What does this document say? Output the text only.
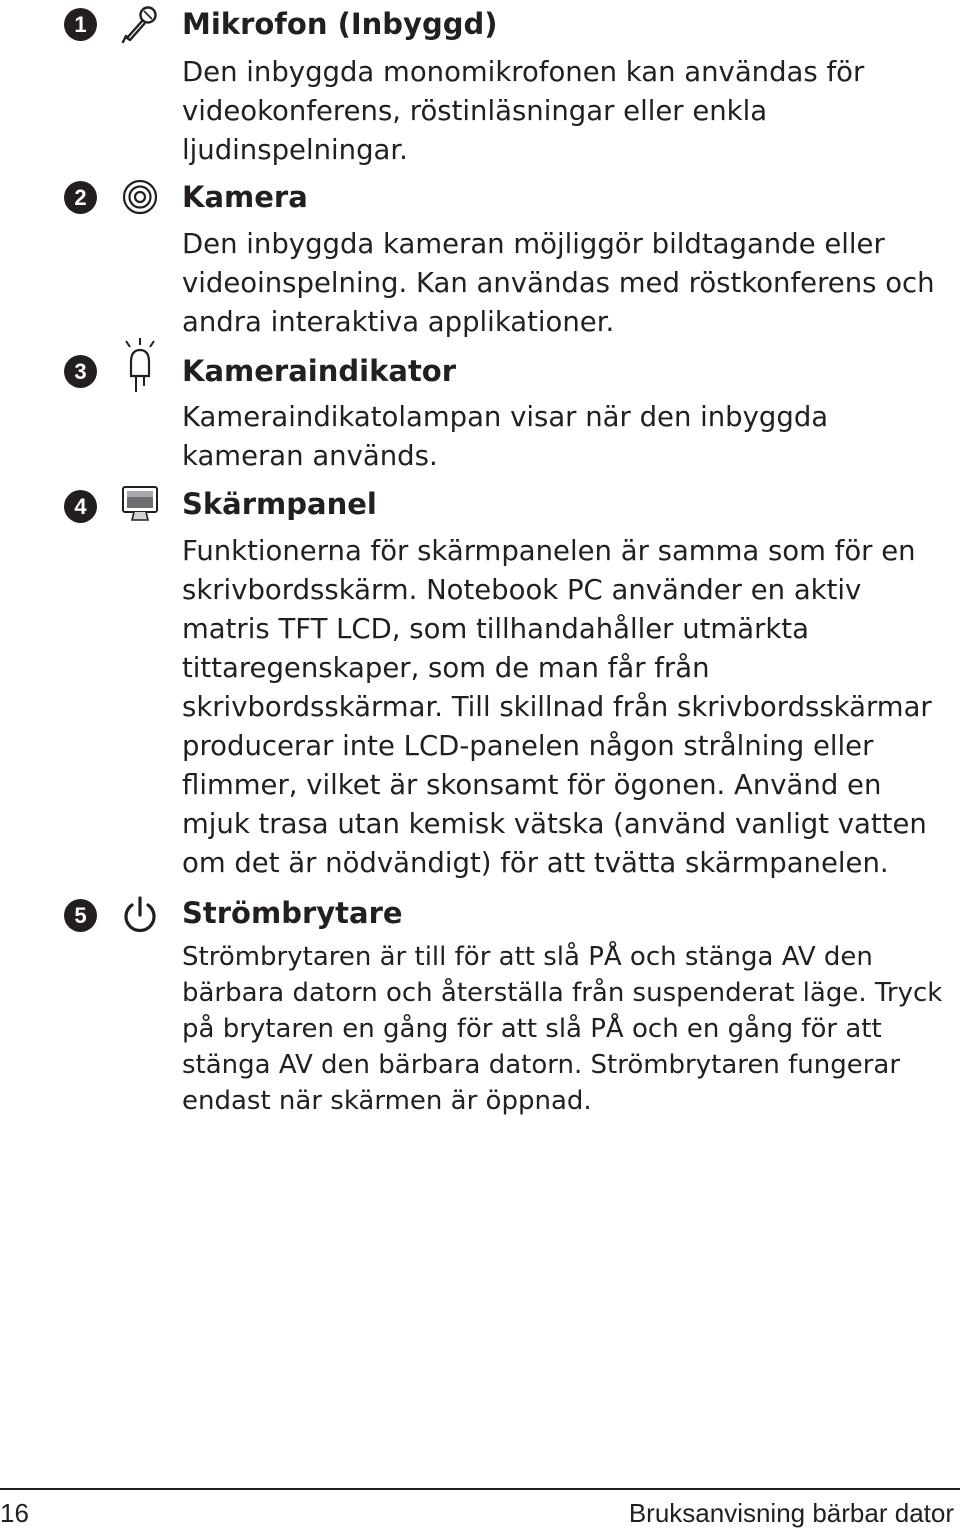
1	Mikrofon (Inbyggd)

Den inbyggda monomikrofonen kan användas för videokonferens, röstinläsningar eller enkla ljudinspelningar.

2	Kamera

Den inbyggda kameran möjliggör bildtagande eller videoinspelning. Kan användas med röstkonferens och andra interaktiva applikationer.

3	Kameraindikator

Kameraindikatolampan visar när den inbyggda kameran används.

4	Skärmpanel

Funktionerna för skärmpanelen är samma som för en skrivbordsskärm. Notebook PC använder en aktiv matris TFT LCD, som tillhandahåller utmärkta tittaregenskaper, som de man får från skrivbordsskärmar. Till skillnad från skrivbordsskärmar producerar inte LCD-panelen någon strålning eller flimmer, vilket är skonsamt för ögonen. Använd en mjuk trasa utan kemisk vätska (använd vanligt vatten om det är nödvändigt) för att tvätta skärmpanelen.

5	Strömbrytare

Strömbrytaren är till för att slå PÅ och stänga AV den bärbara datorn och återställa från suspenderat läge. Tryck på brytaren en gång för att slå PÅ och en gång för att stänga AV den bärbara datorn. Strömbrytaren fungerar endast när skärmen är öppnad.

16	Bruksanvisning bärbar dator
